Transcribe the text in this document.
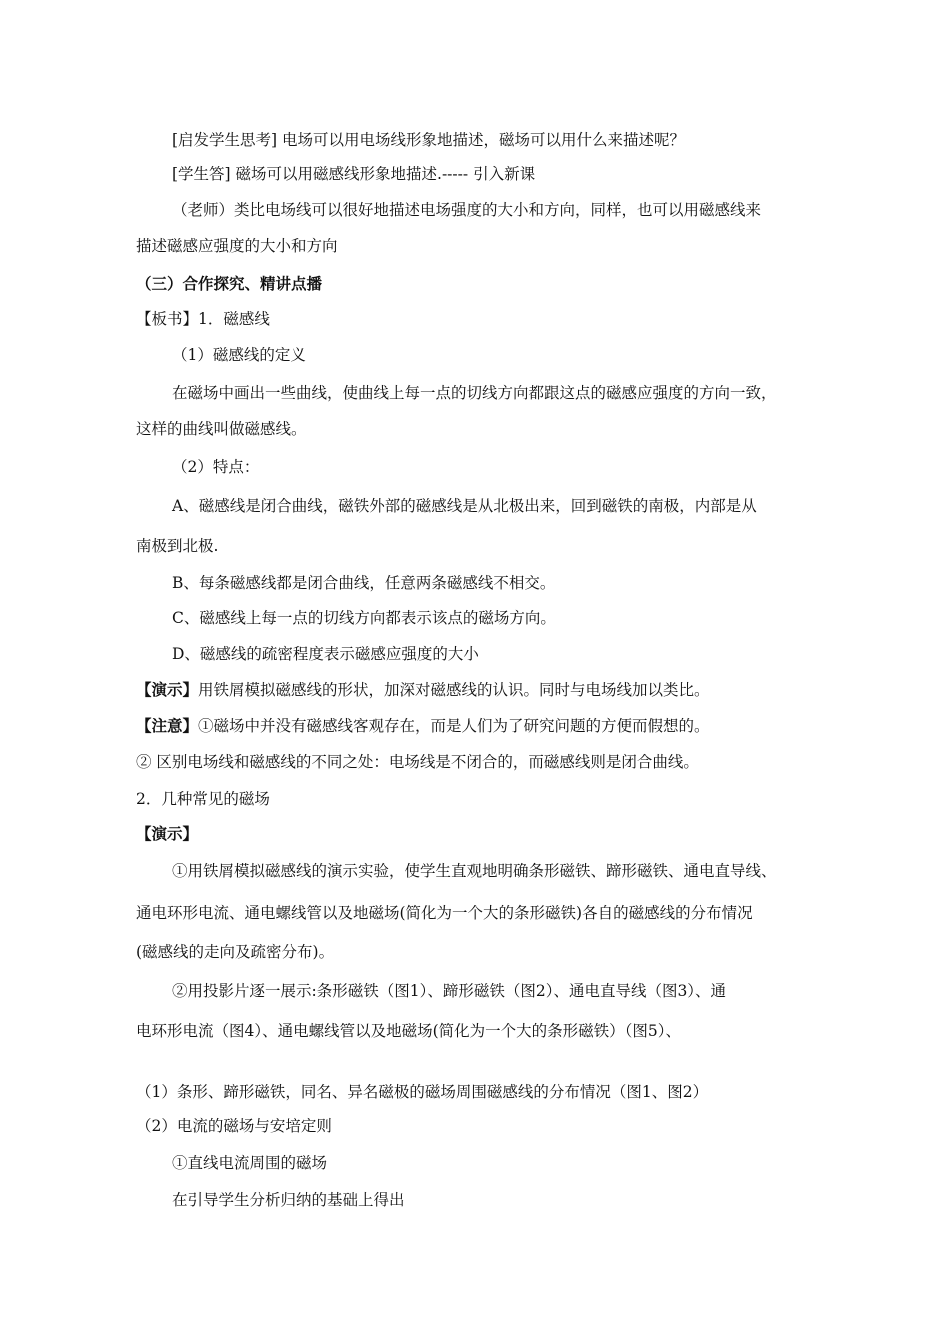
[启发学生思考] 电场可以用电场线形象地描述，磁场可以用什么来描述呢？
[学生答] 磁场可以用磁感线形象地描述.----- 引入新课
（老师）类比电场线可以很好地描述电场强度的大小和方向，同样，也可以用磁感线来
描述磁感应强度的大小和方向
（三）合作探究、精讲点播
【板书】1．磁感线
（1）磁感线的定义
在磁场中画出一些曲线，使曲线上每一点的切线方向都跟这点的磁感应强度的方向一致，
这样的曲线叫做磁感线。
（2）特点：
A、磁感线是闭合曲线，磁铁外部的磁感线是从北极出来，回到磁铁的南极，内部是从
南极到北极.
B、每条磁感线都是闭合曲线，任意两条磁感线不相交。
C、磁感线上每一点的切线方向都表示该点的磁场方向。
D、磁感线的疏密程度表示磁感应强度的大小
【演示】用铁屑模拟磁感线的形状，加深对磁感线的认识。同时与电场线加以类比。
【注意】①磁场中并没有磁感线客观存在，而是人们为了研究问题的方便而假想的。
② 区别电场线和磁感线的不同之处：电场线是不闭合的，而磁感线则是闭合曲线。
2．几种常见的磁场
【演示】
①用铁屑模拟磁感线的演示实验，使学生直观地明确条形磁铁、蹄形磁铁、通电直导线、
通电环形电流、通电螺线管以及地磁场(简化为一个大的条形磁铁)各自的磁感线的分布情况
(磁感线的走向及疏密分布)。
②用投影片逐一展示:条形磁铁（图1）、蹄形磁铁（图2）、通电直导线（图3）、通
电环形电流（图4）、通电螺线管以及地磁场(简化为一个大的条形磁铁）（图5）、
（1）条形、蹄形磁铁，同名、异名磁极的磁场周围磁感线的分布情况（图1、图2）
（2）电流的磁场与安培定则
①直线电流周围的磁场
在引导学生分析归纳的基础上得出
